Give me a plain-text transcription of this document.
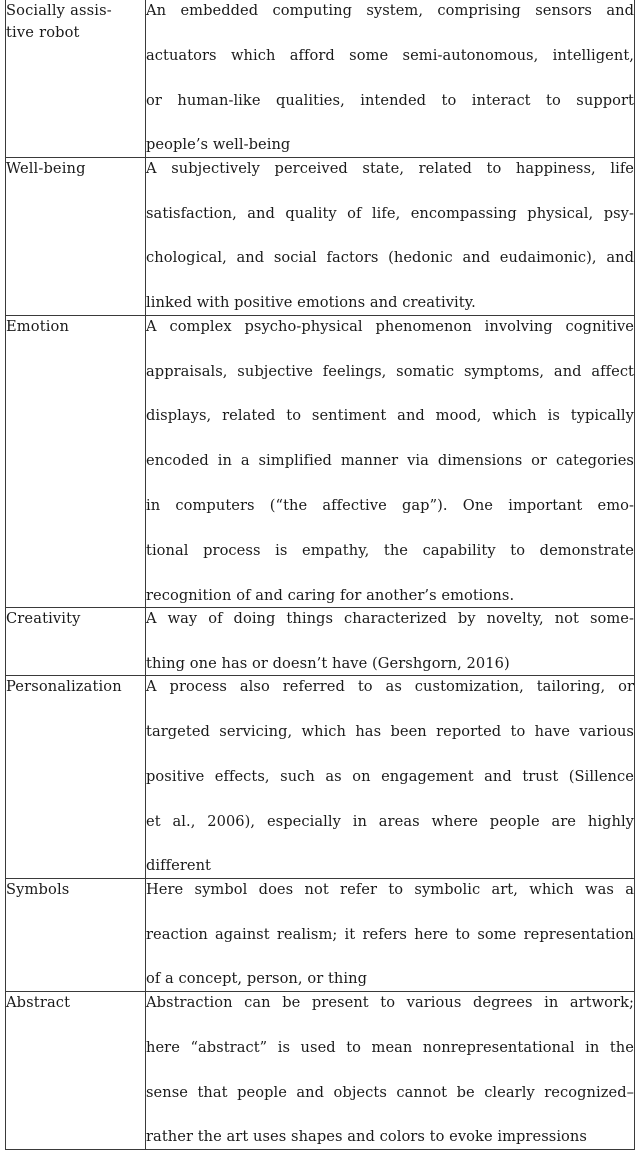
Socially assis-
tive robot	An embedded computing system, comprising sensors and
actuators which afford some semi-autonomous, intelligent,
or human-like qualities, intended to interact to support
people’s well-being

Well-being	A subjectively perceived state, related to happiness, life
satisfaction, and quality of life, encompassing physical, psy-
chological, and social factors (hedonic and eudaimonic), and
linked with positive emotions and creativity.

Emotion	A complex psycho-physical phenomenon involving cognitive
appraisals, subjective feelings, somatic symptoms, and affect
displays, related to sentiment and mood, which is typically
encoded in a simplified manner via dimensions or categories
in computers (“the affective gap”). One important emo-
tional process is empathy, the capability to demonstrate
recognition of and caring for another’s emotions.

Creativity	A way of doing things characterized by novelty, not some-
thing one has or doesn’t have (Gershgorn, 2016)

Personalization	A process also referred to as customization, tailoring, or
targeted servicing, which has been reported to have various
positive effects, such as on engagement and trust (Sillence
et al., 2006), especially in areas where people are highly
different

Symbols	Here symbol does not refer to symbolic art, which was a
reaction against realism; it refers here to some representation
of a concept, person, or thing

Abstract	Abstraction can be present to various degrees in artwork;
here “abstract” is used to mean nonrepresentational in the
sense that people and objects cannot be clearly recognized–
rather the art uses shapes and colors to evoke impressions
